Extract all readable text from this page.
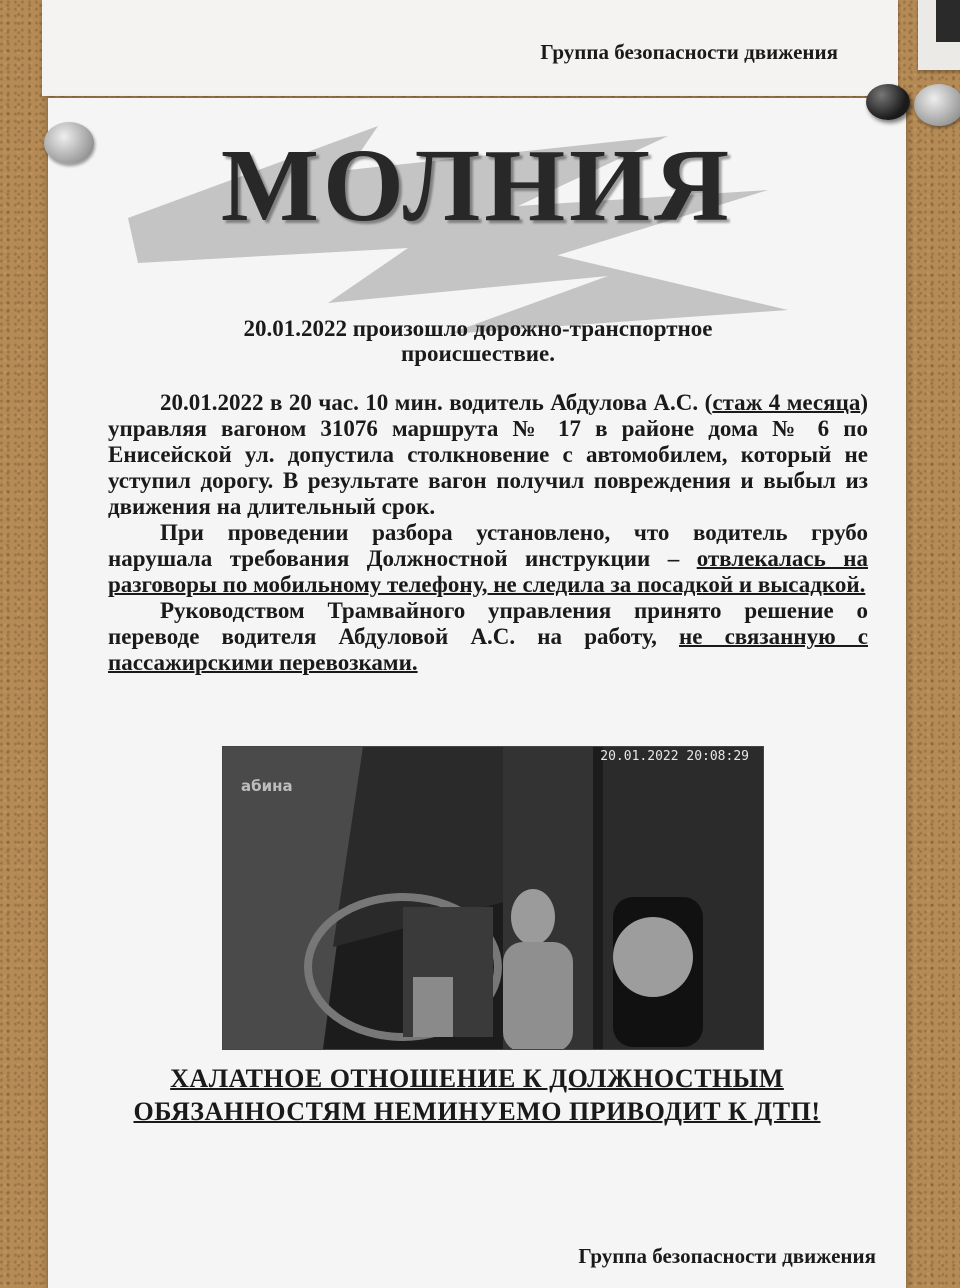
Группа безопасности движения
МОЛНИЯ
20.01.2022 произошло дорожно-транспортное происшествие.

20.01.2022 в 20 час. 10 мин. водитель Абдулова А.С. (стаж 4 месяца) управляя вагоном 31076 маршрута № 17 в районе дома № 6 по Енисейской ул. допустила столкновение с автомобилем, который не уступил дорогу. В результате вагон получил повреждения и выбыл из движения на длительный срок.

При проведении разбора установлено, что водитель грубо нарушала требования Должностной инструкции – отвлекалась на разговоры по мобильному телефону, не следила за посадкой и высадкой.

Руководством Трамвайного управления принято решение о переводе водителя Абдуловой А.С. на работу, не связанную с пассажирскими перевозками.

20.01.2022 20:08:29
абина
ХАЛАТНОЕ ОТНОШЕНИЕ К ДОЛЖНОСТНЫМ ОБЯЗАННОСТЯМ НЕМИНУЕМО ПРИВОДИТ К ДТП!
Группа безопасности движения
